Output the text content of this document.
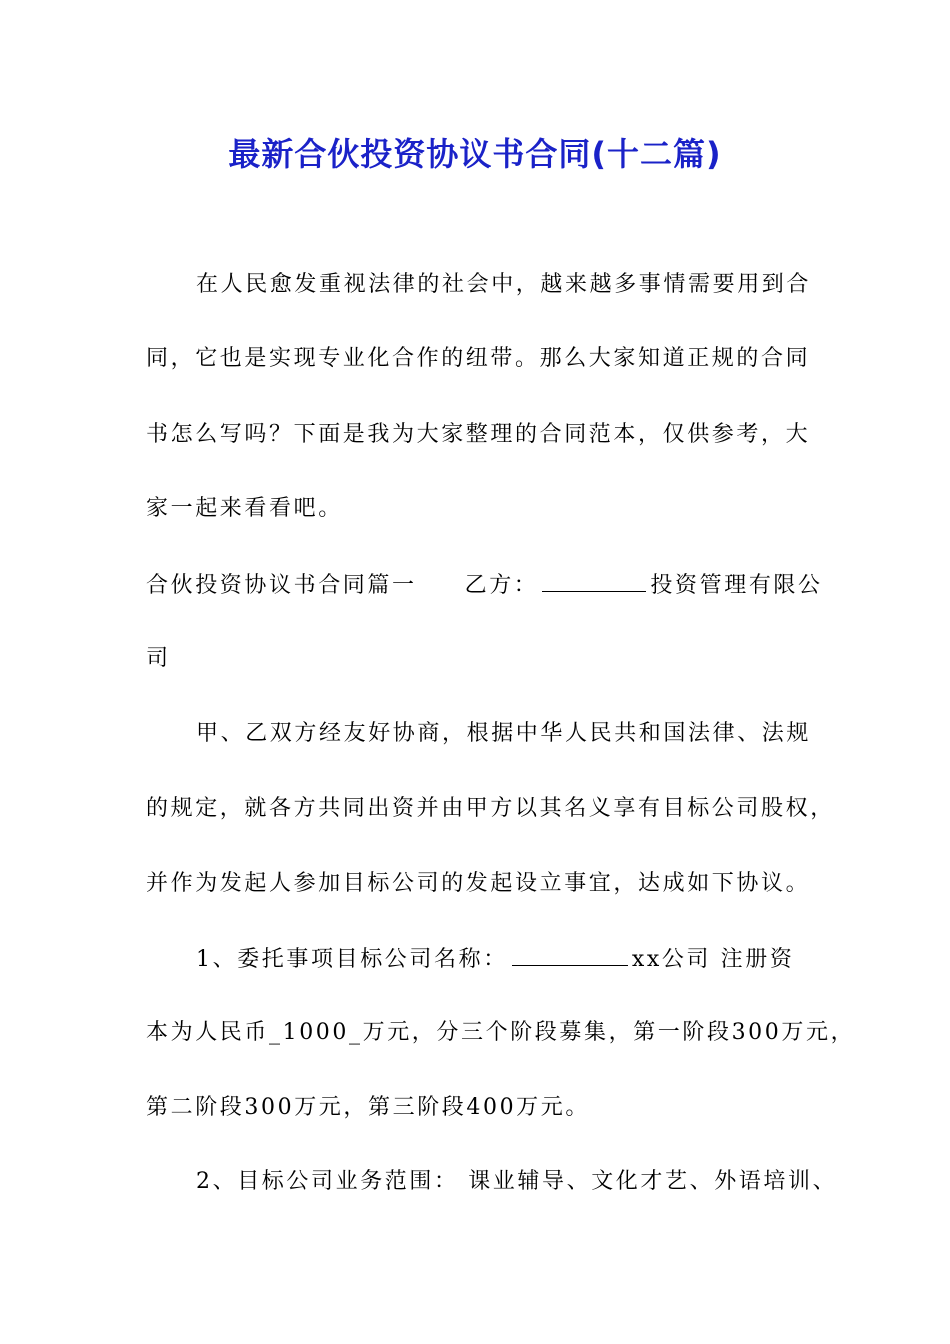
最新合伙投资协议书合同(十二篇)
在人民愈发重视法律的社会中，越来越多事情需要用到合
同，它也是实现专业化合作的纽带。那么大家知道正规的合同
书怎么写吗？下面是我为大家整理的合同范本，仅供参考，大
家一起来看看吧。
合伙投资协议书合同篇一 乙方：	投资管理有限公
司
甲、乙双方经友好协商，根据中华人民共和国法律、法规
的规定，就各方共同出资并由甲方以其名义享有目标公司股权，
并作为发起人参加目标公司的发起设立事宜，达成如下协议。
1、委托事项目标公司名称：	xx公司 注册资
本为人民币_1000_万元，分三个阶段募集，第一阶段300万元，
第二阶段300万元，第三阶段400万元。
2、目标公司业务范围： 课业辅导、文化才艺、外语培训、
